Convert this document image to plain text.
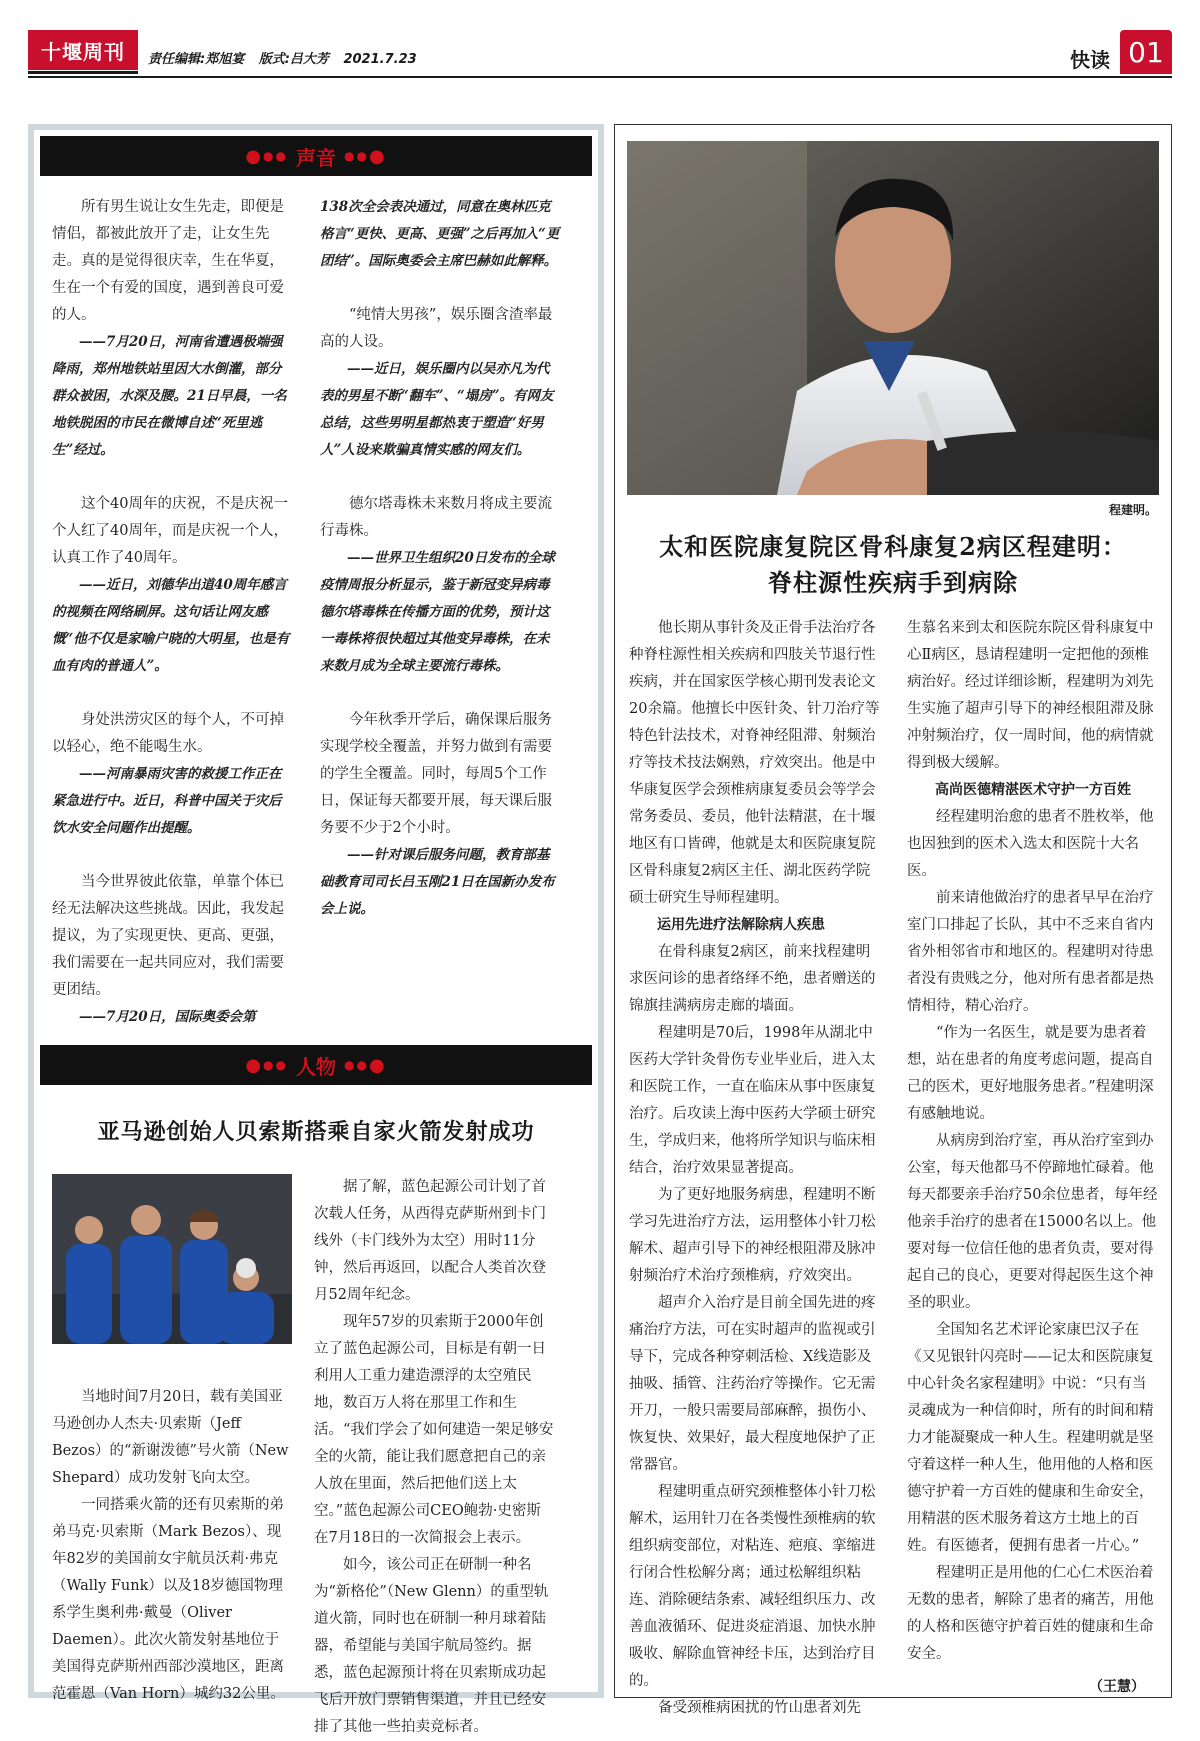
十堰周刊	责任编辑:郑旭宴 版式:吕大芳 2021.7.23	快读 01
● ●● 声音 ●● ●
所有男生说让女生先走，即便是情侣，都被此放开了走，让女生先走。真的是觉得很庆幸，生在华夏，生在一个有爱的国度，遇到善良可爱的人。
——7月20日，河南省遭遇极端强降雨，郑州地铁站里因大水倒灌，部分群众被困，水深及腰。21日早晨，一名地铁脱困的市民在微博自述“死里逃生”经过。
这个40周年的庆祝，不是庆祝一个人红了40周年，而是庆祝一个人，认真工作了40周年。
——近日，刘德华出道40周年感言的视频在网络刷屏。这句话让网友感慨“他不仅是家喻户晓的大明星，也是有血有肉的普通人”。
身处洪涝灾区的每个人，不可掉以轻心，绝不能喝生水。
——河南暴雨灾害的救援工作正在紧急进行中。近日，科普中国关于灾后饮水安全问题作出提醒。
当今世界彼此依靠，单靠个体已经无法解决这些挑战。因此，我发起提议，为了实现更快、更高、更强，我们需要在一起共同应对，我们需要更团结。
——7月20日，国际奥委会第
138次全会表决通过，同意在奥林匹克格言“更快、更高、更强”之后再加入“更团结”。国际奥委会主席巴赫如此解释。
“纯情大男孩”，娱乐圈含渣率最高的人设。
——近日，娱乐圈内以吴亦凡为代表的男星不断“翻车”、“塌房”。有网友总结，这些男明星都热衷于塑造“好男人”人设来欺骗真情实感的网友们。
德尔塔毒株未来数月将成主要流行毒株。
——世界卫生组织20日发布的全球疫情周报分析显示，鉴于新冠变异病毒德尔塔毒株在传播方面的优势，预计这一毒株将很快超过其他变异毒株，在未来数月成为全球主要流行毒株。
今年秋季开学后，确保课后服务实现学校全覆盖，并努力做到有需要的学生全覆盖。同时，每周5个工作日，保证每天都要开展，每天课后服务要不少于2个小时。
——针对课后服务问题，教育部基础教育司司长吕玉刚21日在国新办发布会上说。
● ●● 人物 ●● ●
亚马逊创始人贝索斯搭乘自家火箭发射成功
当地时间7月20日，载有美国亚马逊创办人杰夫·贝索斯（Jeff Bezos）的“新谢泼德”号火箭（New Shepard）成功发射飞向太空。
一同搭乘火箭的还有贝索斯的弟弟马克·贝索斯（Mark Bezos）、现年82岁的美国前女宇航员沃莉·弗克（Wally Funk）以及18岁德国物理系学生奥利弗·戴曼（Oliver Daemen）。此次火箭发射基地位于美国得克萨斯州西部沙漠地区，距离范霍恩（Van Horn）城约32公里。
据了解，蓝色起源公司计划了首次载人任务，从西得克萨斯州到卡门线外（卡门线外为太空）用时11分钟，然后再返回，以配合人类首次登月52周年纪念。
现年57岁的贝索斯于2000年创立了蓝色起源公司，目标是有朝一日利用人工重力建造漂浮的太空殖民地，数百万人将在那里工作和生活。“我们学会了如何建造一架足够安全的火箭，能让我们愿意把自己的亲人放在里面，然后把他们送上太空。”蓝色起源公司CEO鲍勃·史密斯在7月18日的一次简报会上表示。
如今，该公司正在研制一种名为“新格伦”（New Glenn）的重型轨道火箭，同时也在研制一种月球着陆器，希望能与美国宇航局签约。据悉，蓝色起源预计将在贝索斯成功起飞后开放门票销售渠道，并且已经安排了其他一些拍卖竞标者。
程建明。
太和医院康复院区骨科康复2病区程建明：
脊柱源性疾病手到病除
他长期从事针灸及正骨手法治疗各种脊柱源性相关疾病和四肢关节退行性疾病，并在国家医学核心期刊发表论文20余篇。他擅长中医针灸、针刀治疗等特色针法技术，对脊神经阻滞、射频治疗等技术技法娴熟，疗效突出。他是中华康复医学会颈椎病康复委员会等学会常务委员、委员，他针法精湛，在十堰地区有口皆碑，他就是太和医院康复院区骨科康复2病区主任、湖北医药学院硕士研究生导师程建明。
运用先进疗法解除病人疾患
在骨科康复2病区，前来找程建明求医问诊的患者络绎不绝，患者赠送的锦旗挂满病房走廊的墙面。
程建明是70后，1998年从湖北中医药大学针灸骨伤专业毕业后，进入太和医院工作，一直在临床从事中医康复治疗。后攻读上海中医药大学硕士研究生，学成归来，他将所学知识与临床相结合，治疗效果显著提高。
为了更好地服务病患，程建明不断学习先进治疗方法，运用整体小针刀松解术、超声引导下的神经根阻滞及脉冲射频治疗术治疗颈椎病，疗效突出。
超声介入治疗是目前全国先进的疼痛治疗方法，可在实时超声的监视或引导下，完成各种穿刺活检、X线造影及抽吸、插管、注药治疗等操作。它无需开刀，一般只需要局部麻醉，损伤小、恢复快、效果好，最大程度地保护了正常器官。
程建明重点研究颈椎整体小针刀松解术，运用针刀在各类慢性颈椎病的软组织病变部位，对粘连、疤痕、挛缩进行闭合性松解分离；通过松解组织粘连、消除硬结条索、减轻组织压力、改善血液循环、促进炎症消退、加快水肿吸收、解除血管神经卡压，达到治疗目的。
备受颈椎病困扰的竹山患者刘先
生慕名来到太和医院东院区骨科康复中心Ⅱ病区，恳请程建明一定把他的颈椎病治好。经过详细诊断，程建明为刘先生实施了超声引导下的神经根阻滞及脉冲射频治疗，仅一周时间，他的病情就得到极大缓解。
高尚医德精湛医术守护一方百姓
经程建明治愈的患者不胜枚举，他也因独到的医术入选太和医院十大名医。
前来请他做治疗的患者早早在治疗室门口排起了长队，其中不乏来自省内省外相邻省市和地区的。程建明对待患者没有贵贱之分，他对所有患者都是热情相待，精心治疗。
“作为一名医生，就是要为患者着想，站在患者的角度考虑问题，提高自己的医术，更好地服务患者。”程建明深有感触地说。
从病房到治疗室，再从治疗室到办公室，每天他都马不停蹄地忙碌着。他每天都要亲手治疗50余位患者，每年经他亲手治疗的患者在15000名以上。他要对每一位信任他的患者负责，要对得起自己的良心，更要对得起医生这个神圣的职业。
全国知名艺术评论家康巴汉子在《又见银针闪亮时——记太和医院康复中心针灸名家程建明》中说：“只有当灵魂成为一种信仰时，所有的时间和精力才能凝聚成一种人生。程建明就是坚守着这样一种人生，他用他的人格和医德守护着一方百姓的健康和生命安全，用精湛的医术服务着这方土地上的百姓。有医德者，便拥有患者一片心。”
程建明正是用他的仁心仁术医治着无数的患者，解除了患者的痛苦，用他的人格和医德守护着百姓的健康和生命安全。
（王慧）
